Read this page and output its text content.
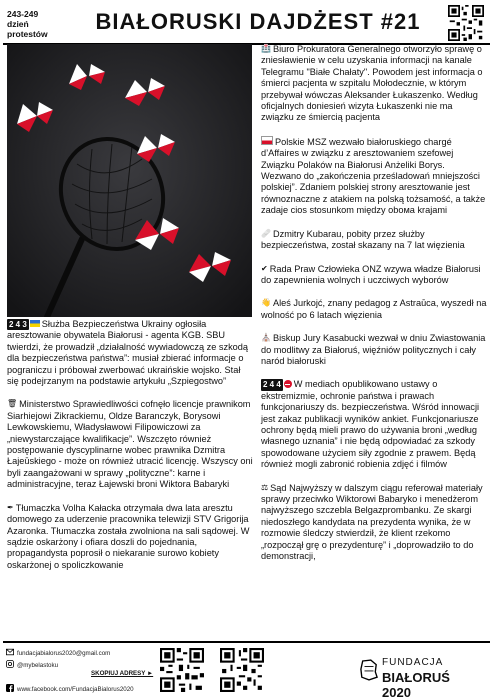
243-249
dzień
protestów	BIAŁORUSKI DAJDŻEST #21

2 4 3 Służba Bezpieczeństwa Ukrainy ogłosiła aresztowanie obywatela Białorusi - agenta KGB. SBU twierdzi, że prowadził „działalność wywiadowczą ze szkodą dla bezpieczeństwa państwa”: musiał zbierać informacje o pograniczu i próbował zwerbować ukraińskie wojsko. Stał się podejrzanym na podstawie artykułu „Szpiegostwo”

🗑 Ministerstwo Sprawiedliwości cofnęło licencje prawnikom Siarhiejowi Zikrackiemu, Oldze Baranczyk, Borysowi Lewkowskiemu, Władysławowi Filipowiczowi za „niewystarczające kwalifikacje”. Wszczęto również postępowanie dyscyplinarne wobec prawnika Dzmitra Łajeūskiego - może on również utracić licencję. Wszyscy oni byli zaangażowani w sprawy „polityczne”: karne i administracyjne, teraz Łajewski broni Wiktora Babaryki

✒ Tłumaczka Volha Kałacka otrzymała dwa lata aresztu domowego za uderzenie pracownika telewizji STV Grigorija Azaronka. Tłumaczka została zwolniona na sali sądowej. W sądzie oskarżony i ofiara doszli do pojednania, propagandysta poprosił o niekaranie surowo kobiety oskarżonej o spoliczkowanie

🏥 Biuro Prokuratora Generalnego otworzyło sprawę o zniesławienie w celu uzyskania informacji na kanale Telegramu "Białe Chałaty". Powodem jest informacja o śmierci pacjenta w szpitalu Mołodecznie, w którym przebywał wówczas Aleksander Łukaszenko. Według oficjalnych doniesień wizyta Łukaszenki nie ma związku ze śmiercią pacjenta

Polskie MSZ wezwało białoruskiego chargé d’Affaires w związku z aresztowaniem szefowej Związku Polaków na Białorusi Anżeliki Borys. Wezwano do „zakończenia prześladowań mniejszości polskiej”. Zdaniem polskiej strony aresztowanie jest równoznaczne z atakiem na polską tożsamość, a także zadaje cios stosunkom między obома krajami

🩹 Dzmitry Kubarau, pobity przez służby bezpieczeństwa, został skazany na 7 lat więzienia

✔ Rada Praw Człowieka ONZ wzywa władze Białorusi do zapewnienia wolnych i uczciwych wyborów

👋 Aleś Jurkojć, znany pedagog z Astraūca, wyszedł na wolność po 6 latach więzienia

⛪ Biskup Jury Kasabucki wezwał w dniu Zwiastowania do modlitwy za Białoruś, więźniów politycznych i cały naród białoruski

2 4 4 W mediach opublikowano ustawy o ekstremizmie, ochronie państwa i prawach funkcjonariuszy ds. bezpieczeństwa. Wśród innowacji jest zakaz publikacji wyników ankiet. Funkcjonariusze ochrony będą mieli prawo do używania broni „według własnego uznania” i nie będą odpowiadać za szkody spowodowane użyciem siły zgodnie z prawem. Będą również mogli zabronić robienia zdjęć i filmów

⚖ Sąd Najwyższy w dalszym ciągu referował materiały sprawy przeciwko Wiktorowi Babaryko i menedżerom najwyższego szczebla Belgazprombanku. Ze skargi niedoszłego kandydata na prezydenta wynika, że w rozmowie śledczy stwierdził, że klient rzekomo „rozpoczął grę o prezydenturę” i „doprowadziło to do demonstracji,

fundacjabialorus2020@gmail.com
@mybelastoku
SKOPIUJ ADRESY ►
www.facebook.com/FundacjaBialorus2020
FUNDACJA
BIAŁORUŚ 2020
